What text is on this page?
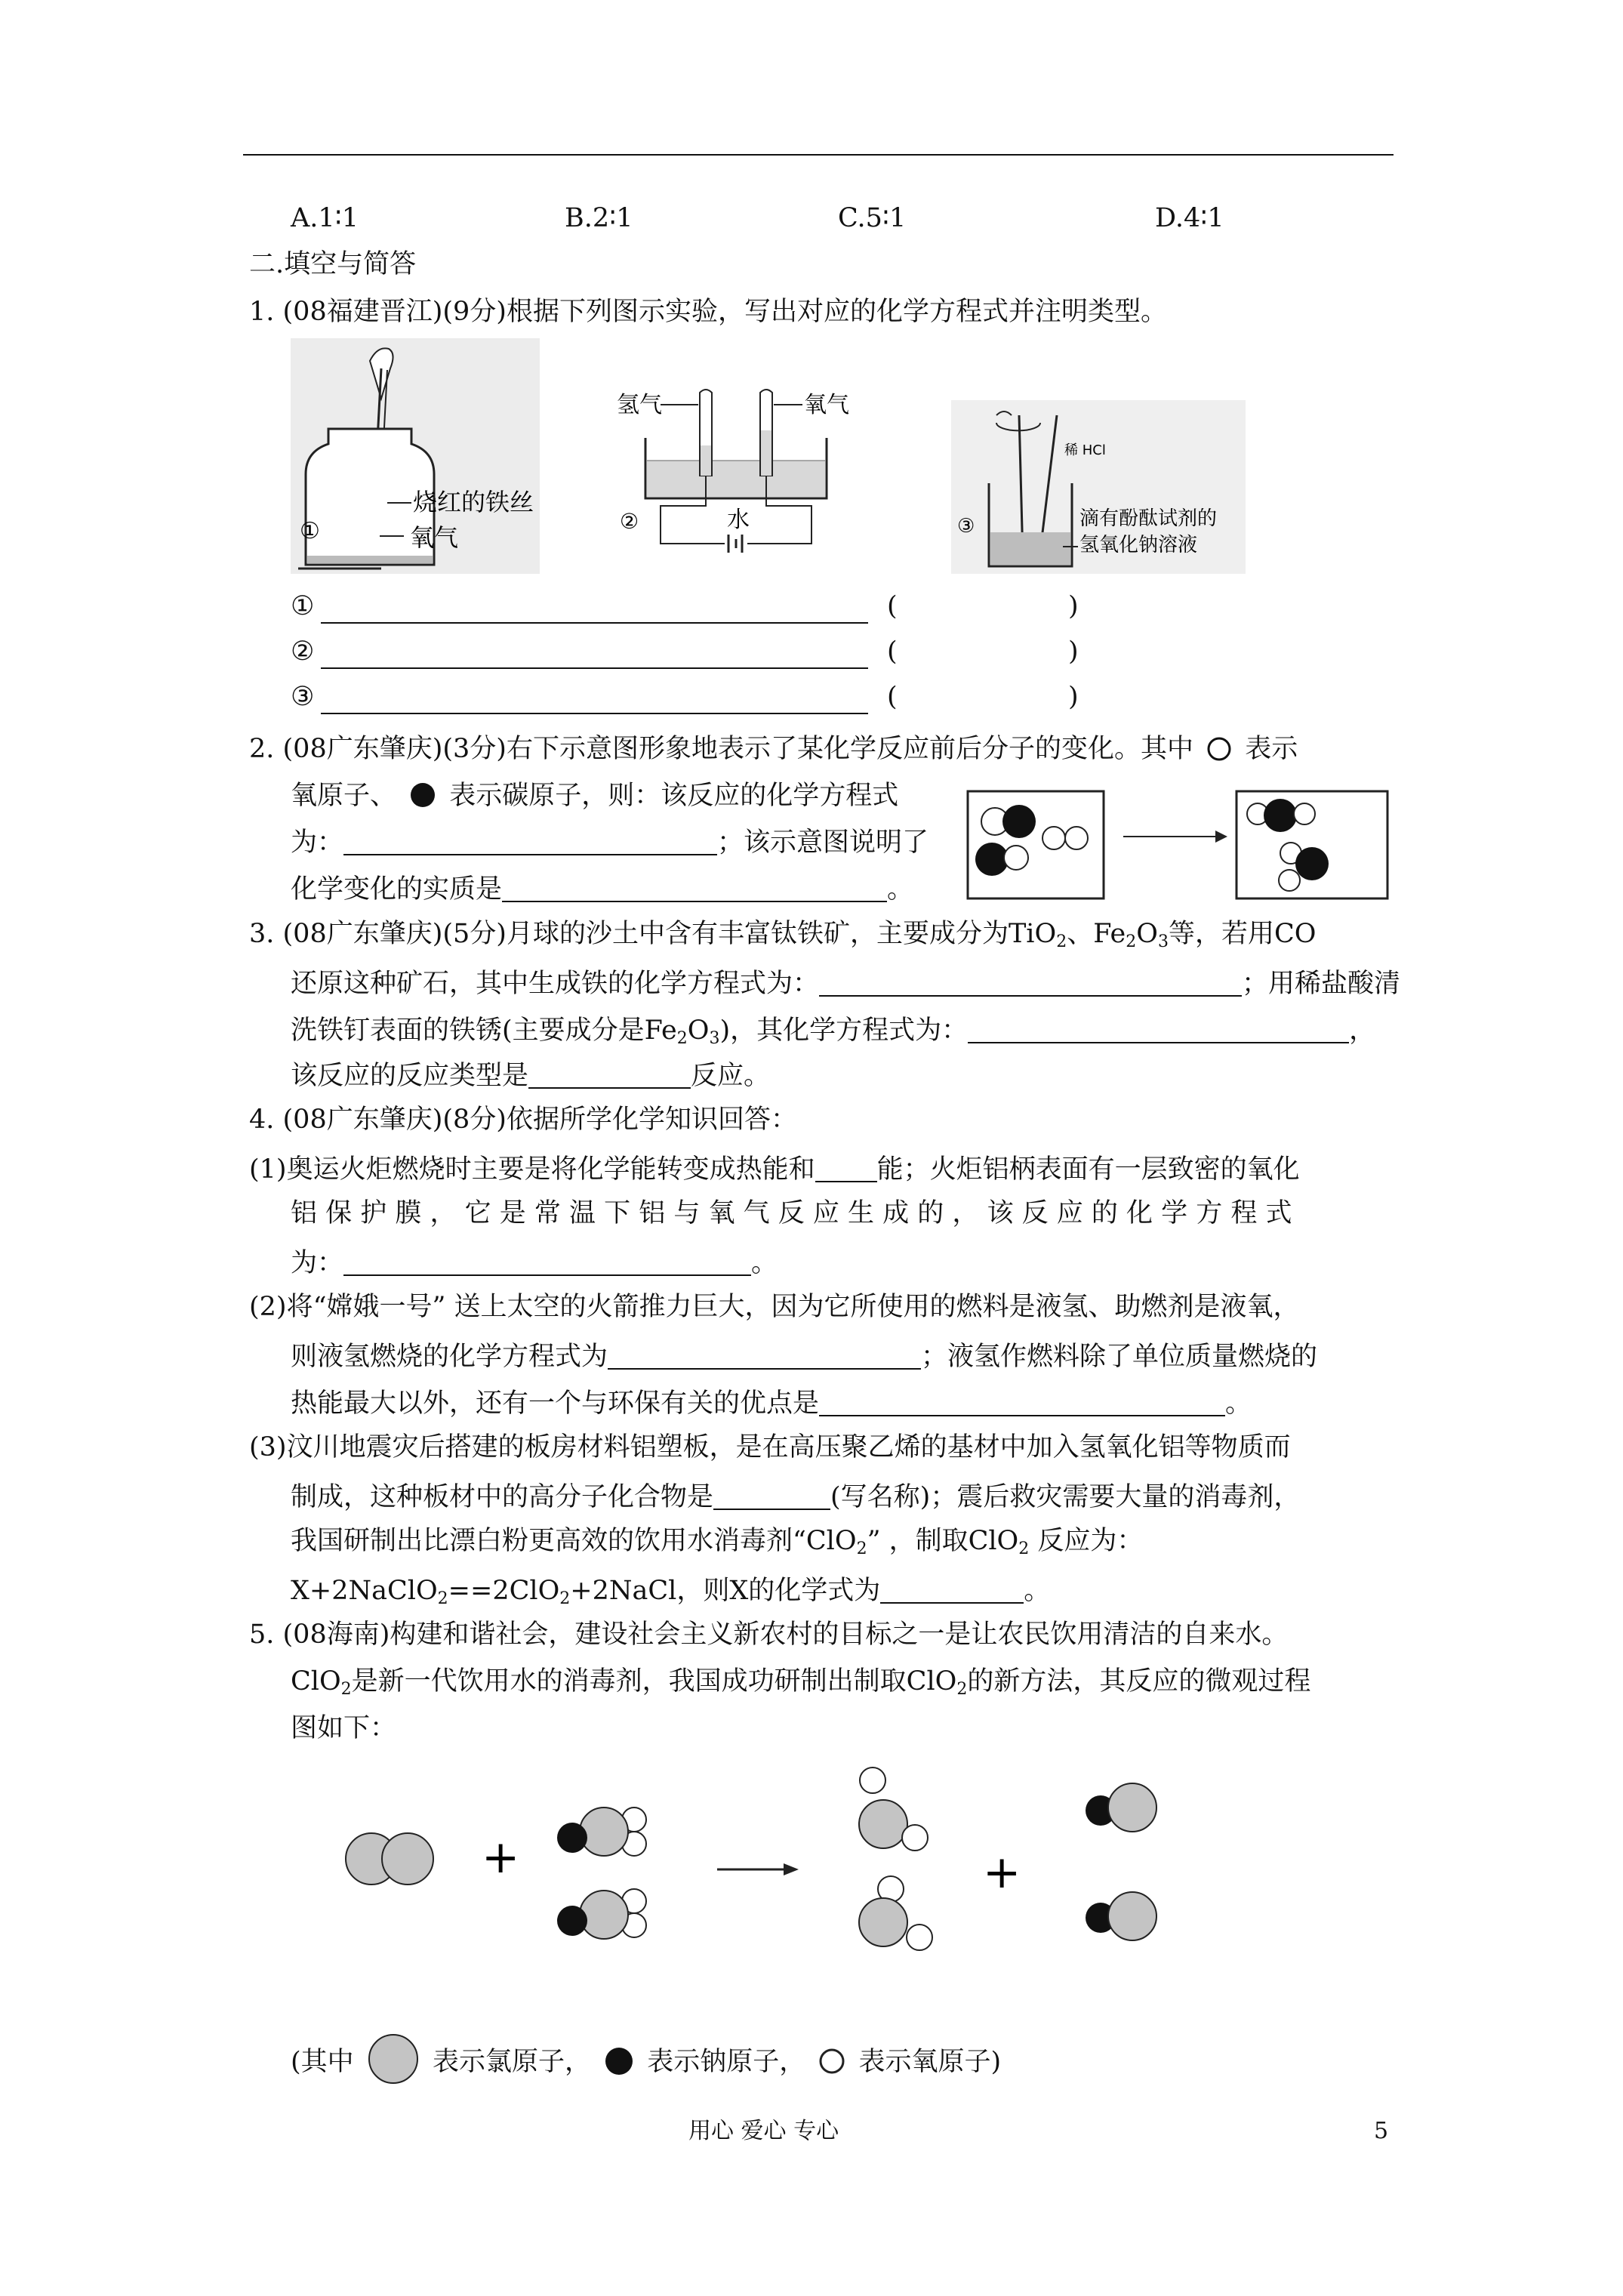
A.1∶1	B.2∶1	C.5∶1	D.4∶1
二.填空与简答
1. (08福建晋江)(9分)根据下列图示实验，写出对应的化学方程式并注明类型。
①
烧红的铁丝
氧气
氢气	氧气
水
②	③
稀 HCl
滴有酚酞试剂的
氢氧化钠溶液
①	(	)
②	(	)
③	(	)
2. (08广东肇庆)(3分)右下示意图形象地表示了某化学反应前后分子的变化。其中 表示
氧原子、 表示碳原子，则：该反应的化学方程式
为：	；该示意图说明了
化学变化的实质是	。
3. (08广东肇庆)(5分)月球的沙土中含有丰富钛铁矿，主要成分为TiO$_2$、$Fe_2O_3$等，若用CO
还原这种矿石，其中生成铁的化学方程式为：	；用稀盐酸清
洗铁钉表面的铁锈(主要成分是$Fe_2O_3$)，其化学方程式为：	，
该反应的反应类型是	反应。
4. (08广东肇庆)(8分)依据所学化学知识回答：
(1)奥运火炬燃烧时主要是将化学能转变成热能和 能；火炬铝柄表面有一层致密的氧化
铝 保 护 膜 ， 它 是 常 温 下 铝 与 氧 气 反 应 生 成 的 ， 该 反 应 的 化 学 方 程 式
为：	。
(2)将“嫦娥一号” 送上太空的火箭推力巨大，因为它所使用的燃料是液氢、助燃剂是液氧，
则液氢燃烧的化学方程式为	；液氢作燃料除了单位质量燃烧的
热能最大以外，还有一个与环保有关的优点是	。
(3)汶川地震灾后搭建的板房材料铝塑板，是在高压聚乙烯的基材中加入氢氧化铝等物质而
制成，这种板材中的高分子化合物是	(写名称)；震后救灾需要大量的消毒剂，
我国研制出比漂白粉更高效的饮用水消毒剂“ClO$_2$” ，制取ClO$_2$ 反应为：
X+2NaClO$_2$==2ClO$_2$+2NaCl，则X的化学式为	。
5. (08海南)构建和谐社会，建设社会主义新农村的目标之一是让农民饮用清洁的自来水。
ClO$_2$是新一代饮用水的消毒剂，我国成功研制出制取ClO$_2$的新方法，其反应的微观过程
图如下：
+	+
(其中	表示氯原子， 表示钠原子， 表示氧原子)
用心 爱心 专心	5
